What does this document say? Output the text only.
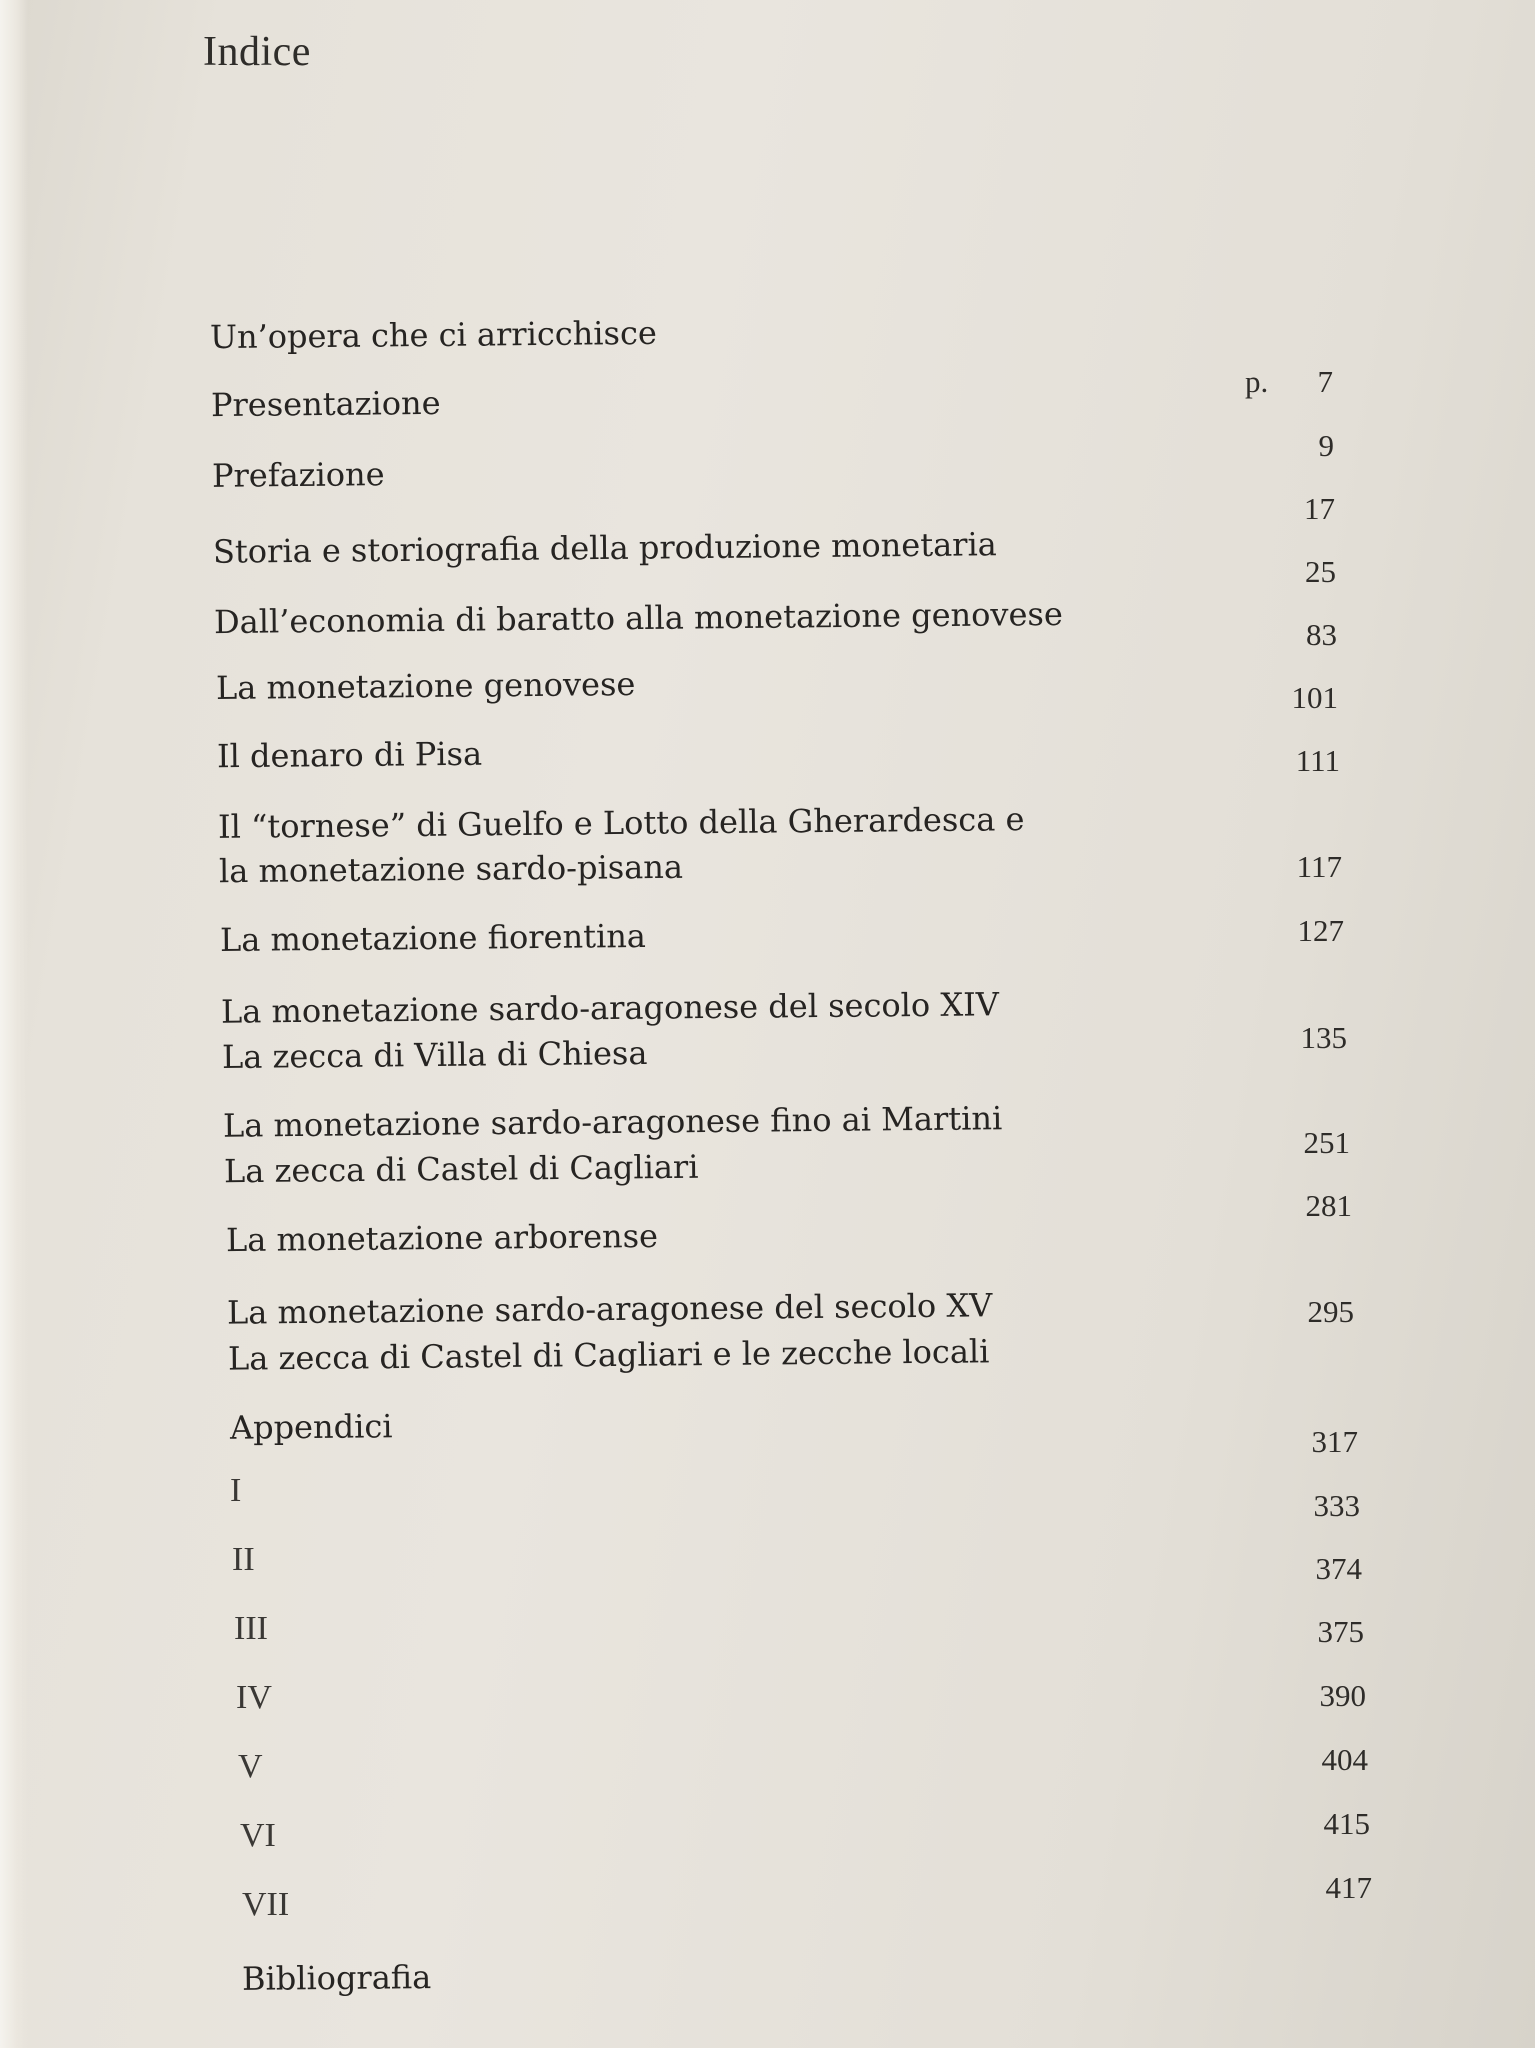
Indice
Un’opera che ci arricchisce
Presentazione
Prefazione
Storia e storiografia della produzione monetaria
Dall’economia di baratto alla monetazione genovese
La monetazione genovese
Il denaro di Pisa
Il “tornese” di Guelfo e Lotto della Gherardesca e
la monetazione sardo-pisana
La monetazione fiorentina
La monetazione sardo-aragonese del secolo XIV
La zecca di Villa di Chiesa
La monetazione sardo-aragonese fino ai Martini
La zecca di Castel di Cagliari
La monetazione arborense
La monetazione sardo-aragonese del secolo XV
La zecca di Castel di Cagliari e le zecche locali
Appendici
I
II
III
IV
V
VI
VII
Bibliografia
p.	7
9
17
25
83
101
111
117
127
135
251
281
295
317
333
374
375
390
404
415
417
